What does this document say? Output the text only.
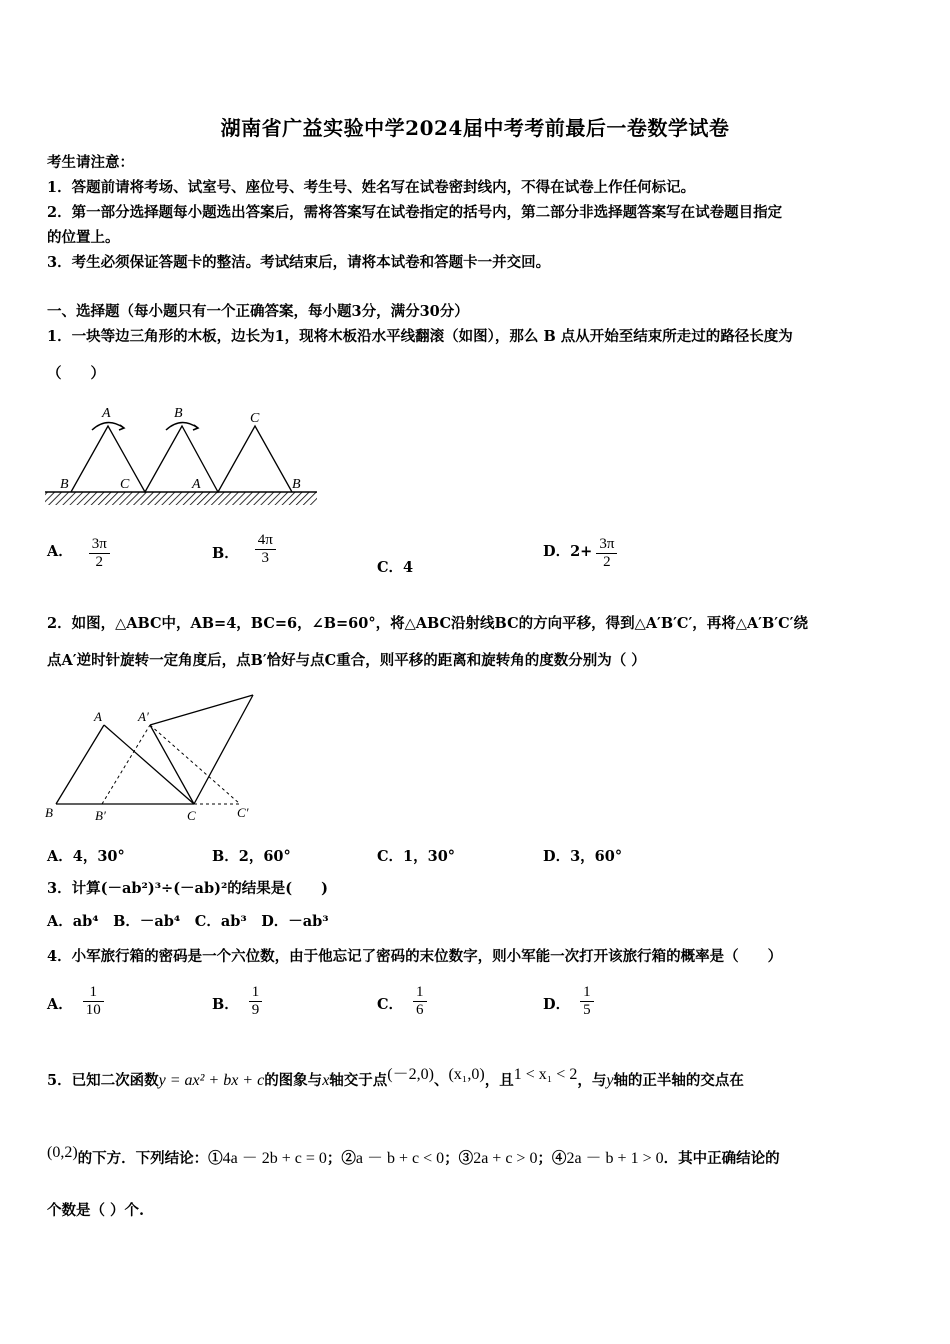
湖南省广益实验中学2024届中考考前最后一卷数学试卷
考生请注意：
1．答题前请将考场、试室号、座位号、考生号、姓名写在试卷密封线内，不得在试卷上作任何标记。
2．第一部分选择题每小题选出答案后，需将答案写在试卷指定的括号内，第二部分非选择题答案写在试卷题目指定
的位置上。
3．考生必须保证答题卡的整洁。考试结束后，请将本试卷和答题卡一并交回。
一、选择题（每小题只有一个正确答案，每小题3分，满分30分）
1．一块等边三角形的木板，边长为1，现将木板沿水平线翻滚（如图），那么 B 点从开始至结束所走过的路径长度为
（　　）
A	B	C
B	C	A	B
A． $\frac{3\pi}{2}$	B． $\frac{4\pi}{3}$
C．4
D．$2+ \frac{3\pi}{2}$
2．如图，△ABC中，AB=4，BC=6，∠B=60°，将△ABC沿射线BC的方向平移，得到△A′B′C′，再将△A′B′C′绕
点A′逆时针旋转一定角度后，点B′恰好与点C重合，则平移的距离和旋转角的度数分别为（ ）
A	A′
B	B′	C	C′
A．4，30°	B．2，60°	C．1，30°	D．3，60°
3．计算(－ab²)³÷(－ab)²的结果是(　　)
A．ab⁴　B．－ab⁴　C．ab³　D．－ab³
4．小军旅行箱的密码是一个六位数，由于他忘记了密码的末位数字，则小军能一次打开该旅行箱的概率是（　　）
A． $\frac{1}{10}$	B． $\frac{1}{9}$	C． $\frac{1}{6}$	D． $\frac{1}{5}$
5．已知二次函数y = ax² + bx + c的图象与x轴交于点(－2,0)、(x₁,0)，且1 < x₁ < 2，与y轴的正半轴的交点在
(0,2)的下方．下列结论：①4a － 2b + c = 0；②a － b + c < 0；③2a + c > 0；④2a － b + 1 > 0．其中正确结论的
个数是（ ）个.
